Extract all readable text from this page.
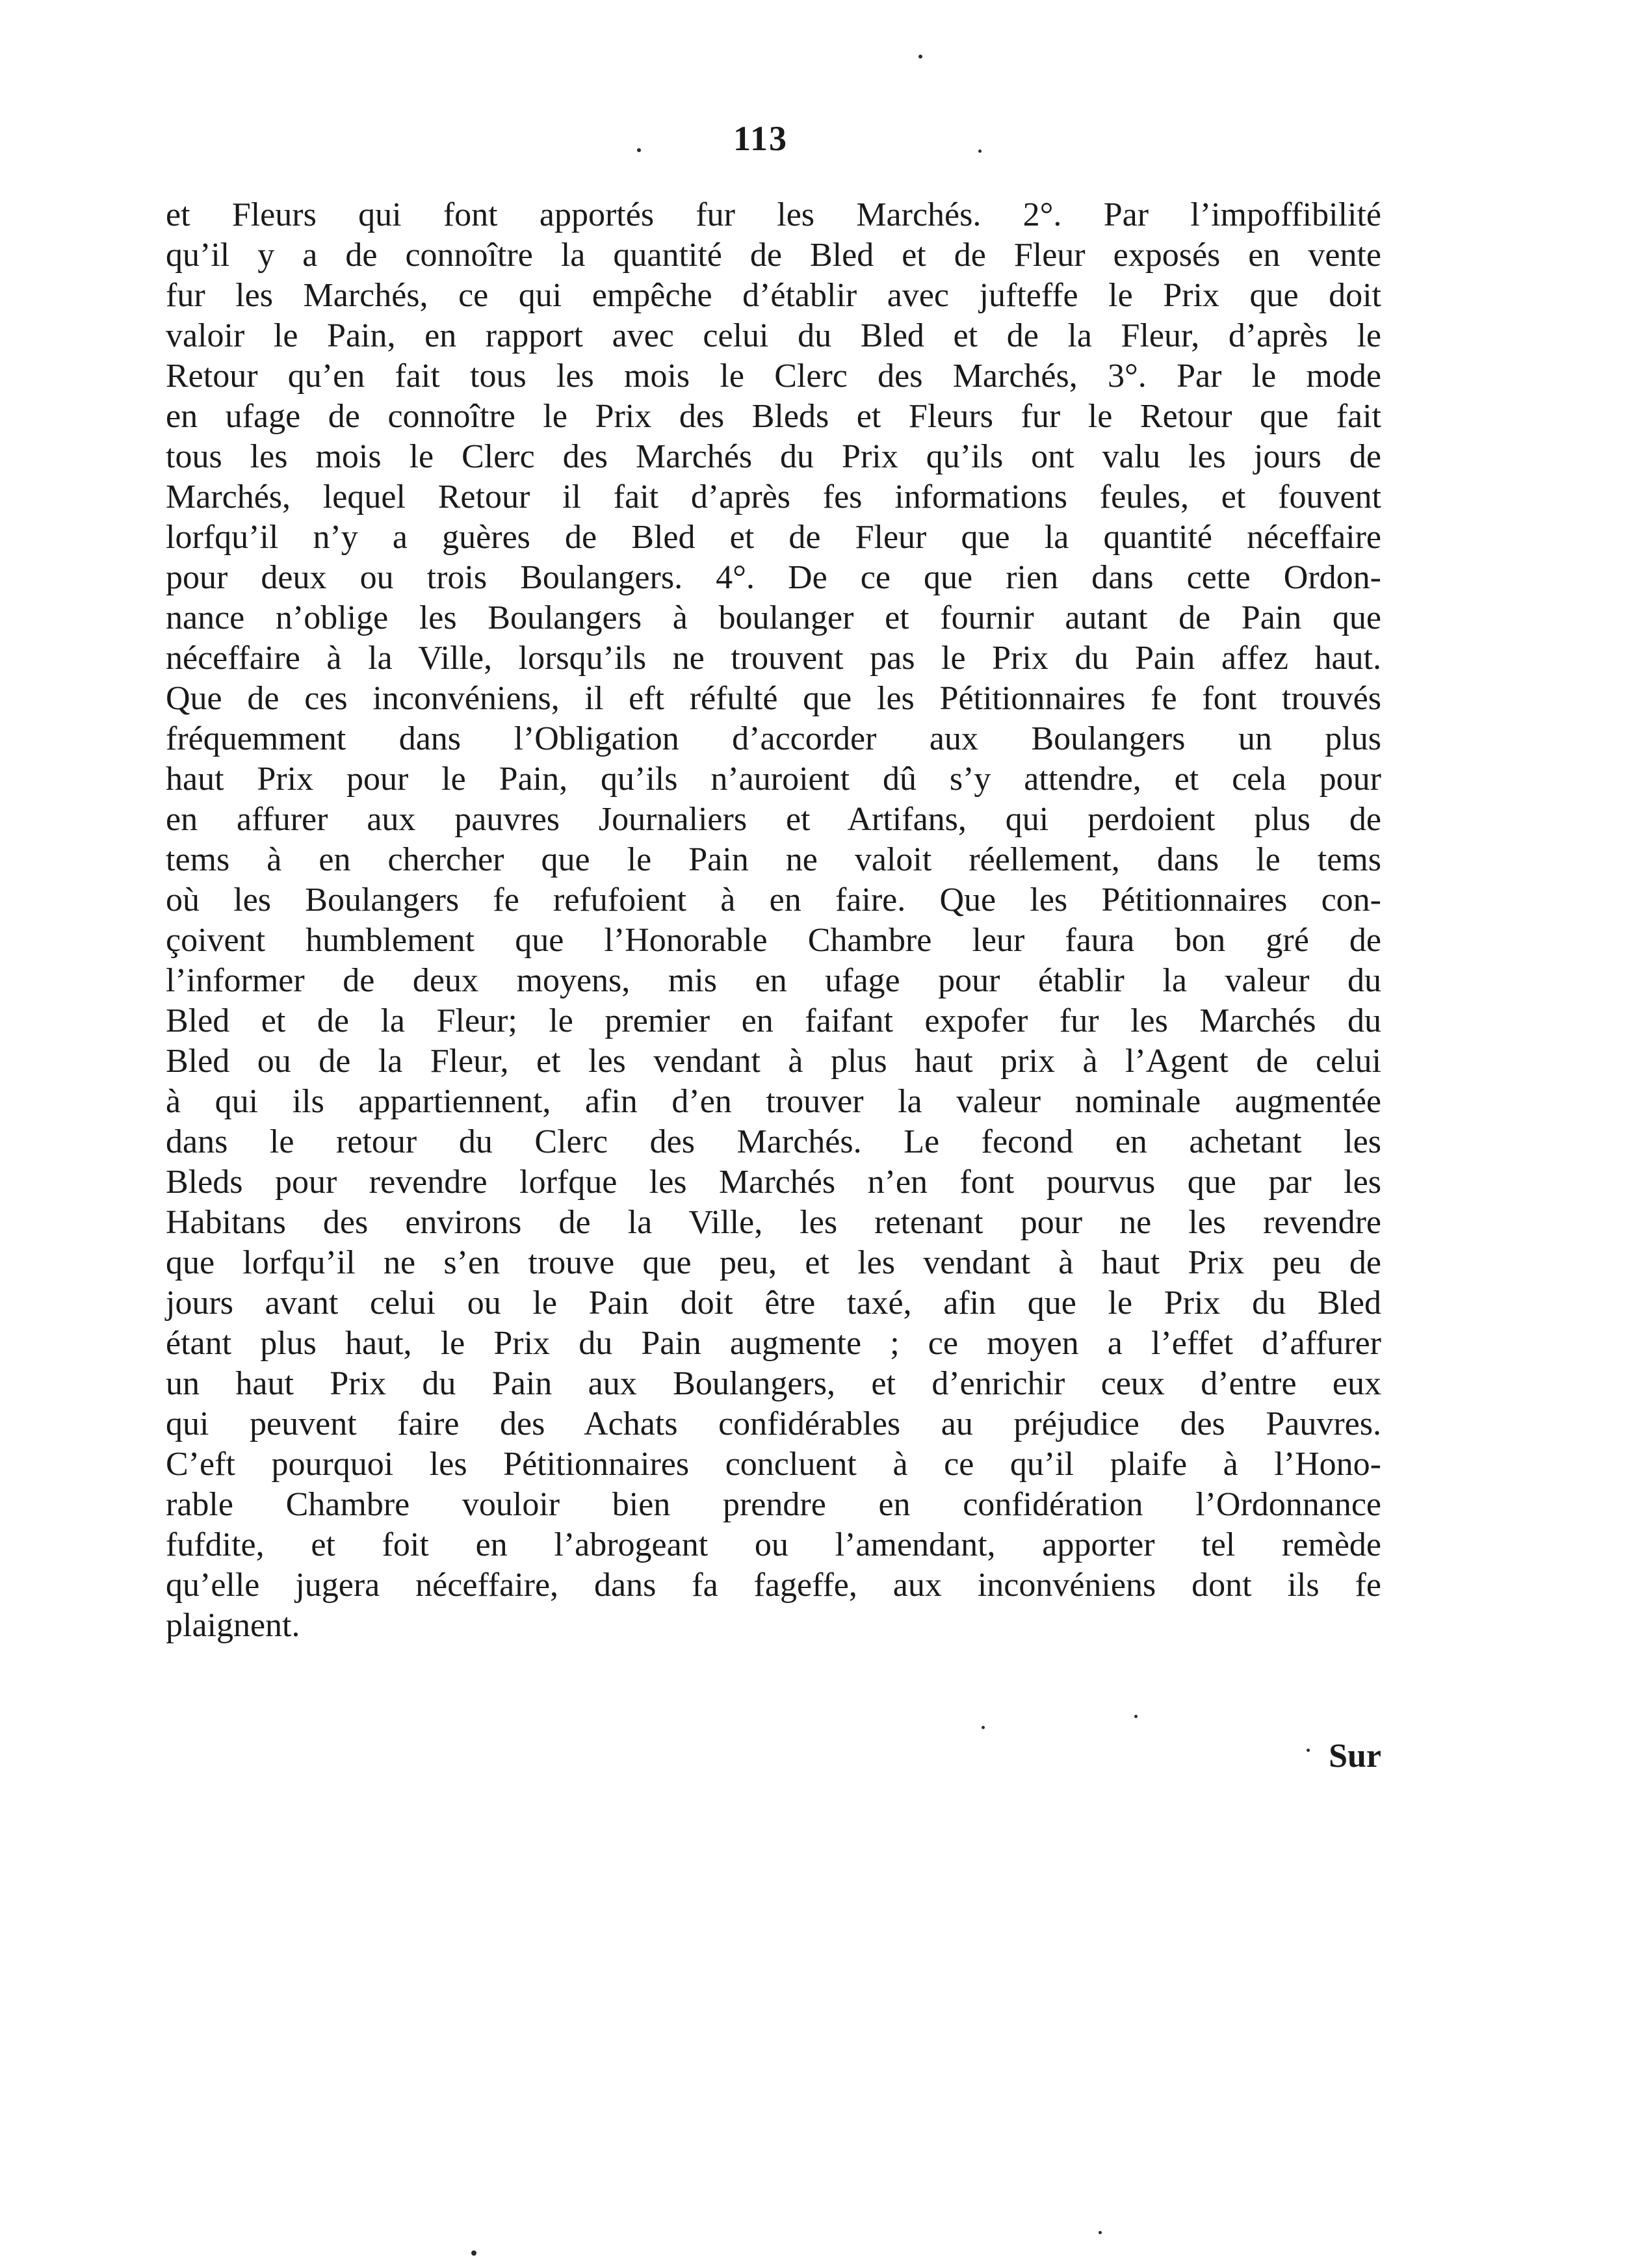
113
et Fleurs qui font apportés fur les Marchés. 2°. Par l’impoffibilité
qu’il y a de connoître la quantité de Bled et de Fleur exposés en vente
fur les Marchés, ce qui empêche d’établir avec jufteffe le Prix que doit
valoir le Pain, en rapport avec celui du Bled et de la Fleur, d’après le
Retour qu’en fait tous les mois le Clerc des Marchés, 3°. Par le mode
en ufage de connoître le Prix des Bleds et Fleurs fur le Retour que fait
tous les mois le Clerc des Marchés du Prix qu’ils ont valu les jours de
Marchés, lequel Retour il fait d’après fes informations feules, et fouvent
lorfqu’il n’y a guères de Bled et de Fleur que la quantité néceffaire
pour deux ou trois Boulangers. 4°. De ce que rien dans cette Ordon-
nance n’oblige les Boulangers à boulanger et fournir autant de Pain que
néceffaire à la Ville, lorsqu’ils ne trouvent pas le Prix du Pain affez haut.
Que de ces inconvéniens, il eft réfulté que les Pétitionnaires fe font trouvés
fréquemment dans l’Obligation d’accorder aux Boulangers un plus
haut Prix pour le Pain, qu’ils n’auroient dû s’y attendre, et cela pour
en affurer aux pauvres Journaliers et Artifans, qui perdoient plus de
tems à en chercher que le Pain ne valoit réellement, dans le tems
où les Boulangers fe refufoient à en faire. Que les Pétitionnaires con-
çoivent humblement que l’Honorable Chambre leur faura bon gré de
l’informer de deux moyens, mis en ufage pour établir la valeur du
Bled et de la Fleur; le premier en faifant expofer fur les Marchés du
Bled ou de la Fleur, et les vendant à plus haut prix à l’Agent de celui
à qui ils appartiennent, afin d’en trouver la valeur nominale augmentée
dans le retour du Clerc des Marchés. Le fecond en achetant les
Bleds pour revendre lorfque les Marchés n’en font pourvus que par les
Habitans des environs de la Ville, les retenant pour ne les revendre
que lorfqu’il ne s’en trouve que peu, et les vendant à haut Prix peu de
jours avant celui ou le Pain doit être taxé, afin que le Prix du Bled
étant plus haut, le Prix du Pain augmente ; ce moyen a l’effet d’affurer
un haut Prix du Pain aux Boulangers, et d’enrichir ceux d’entre eux
qui peuvent faire des Achats confidérables au préjudice des Pauvres.
C’eft pourquoi les Pétitionnaires concluent à ce qu’il plaife à l’Hono-
rable Chambre vouloir bien prendre en confidération l’Ordonnance
fufdite, et foit en l’abrogeant ou l’amendant, apporter tel remède
qu’elle jugera néceffaire, dans fa fageffe, aux inconvéniens dont ils fe
plaignent.
Sur
